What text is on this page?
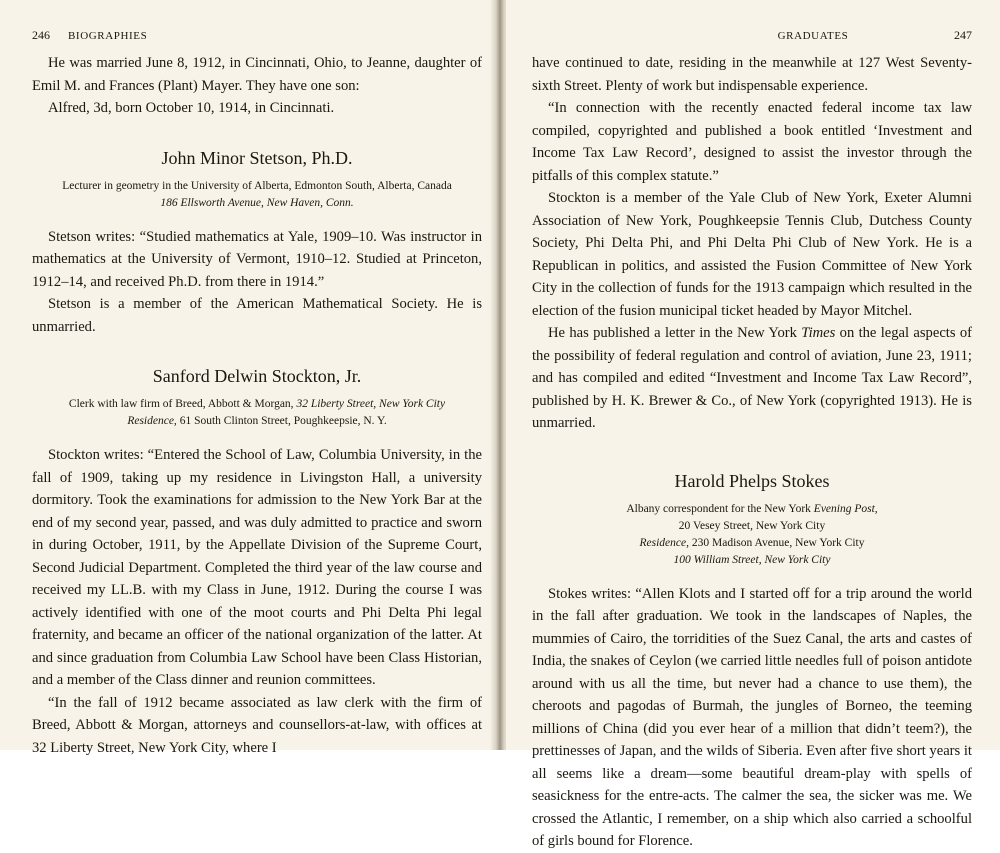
246	BIOGRAPHIES

He was married June 8, 1912, in Cincinnati, Ohio, to Jeanne, daughter of Emil M. and Frances (Plant) Mayer. They have one son:

Alfred, 3d, born October 10, 1914, in Cincinnati.

John Minor Stetson, Ph.D.
Lecturer in geometry in the University of Alberta, Edmonton South, Alberta, Canada
186 Ellsworth Avenue, New Haven, Conn.

Stetson writes: “Studied mathematics at Yale, 1909–10. Was instructor in mathematics at the University of Vermont, 1910–12. Studied at Princeton, 1912–14, and received Ph.D. from there in 1914.”

Stetson is a member of the American Mathematical Society. He is unmarried.

Sanford Delwin Stockton, Jr.
Clerk with law firm of Breed, Abbott & Morgan, 32 Liberty Street, New York City
Residence, 61 South Clinton Street, Poughkeepsie, N. Y.

Stockton writes: “Entered the School of Law, Columbia University, in the fall of 1909, taking up my residence in Livingston Hall, a university dormitory. Took the examinations for admission to the New York Bar at the end of my second year, passed, and was duly admitted to practice and sworn in during October, 1911, by the Appellate Division of the Supreme Court, Second Judicial Department. Completed the third year of the law course and received my LL.B. with my Class in June, 1912. During the course I was actively identified with one of the moot courts and Phi Delta Phi legal fraternity, and became an officer of the national organization of the latter. At and since graduation from Columbia Law School have been Class Historian, and a member of the Class dinner and reunion committees.

“In the fall of 1912 became associated as law clerk with the firm of Breed, Abbott & Morgan, attorneys and counsellors-at-law, with offices at 32 Liberty Street, New York City, where I

GRADUATES	247

have continued to date, residing in the meanwhile at 127 West Seventy-sixth Street. Plenty of work but indispensable experience.

“In connection with the recently enacted federal income tax law compiled, copyrighted and published a book entitled ‘Investment and Income Tax Law Record’, designed to assist the investor through the pitfalls of this complex statute.”

Stockton is a member of the Yale Club of New York, Exeter Alumni Association of New York, Poughkeepsie Tennis Club, Dutchess County Society, Phi Delta Phi, and Phi Delta Phi Club of New York. He is a Republican in politics, and assisted the Fusion Committee of New York City in the collection of funds for the 1913 campaign which resulted in the election of the fusion municipal ticket headed by Mayor Mitchel.

He has published a letter in the New York Times on the legal aspects of the possibility of federal regulation and control of aviation, June 23, 1911; and has compiled and edited “Investment and Income Tax Law Record”, published by H. K. Brewer & Co., of New York (copyrighted 1913). He is unmarried.

Harold Phelps Stokes
Albany correspondent for the New York Evening Post,
20 Vesey Street, New York City
Residence, 230 Madison Avenue, New York City
100 William Street, New York City

Stokes writes: “Allen Klots and I started off for a trip around the world in the fall after graduation. We took in the landscapes of Naples, the mummies of Cairo, the torridities of the Suez Canal, the arts and castes of India, the snakes of Ceylon (we carried little needles full of poison antidote around with us all the time, but never had a chance to use them), the cheroots and pagodas of Burmah, the jungles of Borneo, the teeming millions of China (did you ever hear of a million that didn’t teem?), the prettinesses of Japan, and the wilds of Siberia. Even after five short years it all seems like a dream—some beautiful dream-play with spells of seasickness for the entre-acts. The calmer the sea, the sicker was me. We crossed the Atlantic, I remember, on a ship which also carried a schoolful of girls bound for Florence.
